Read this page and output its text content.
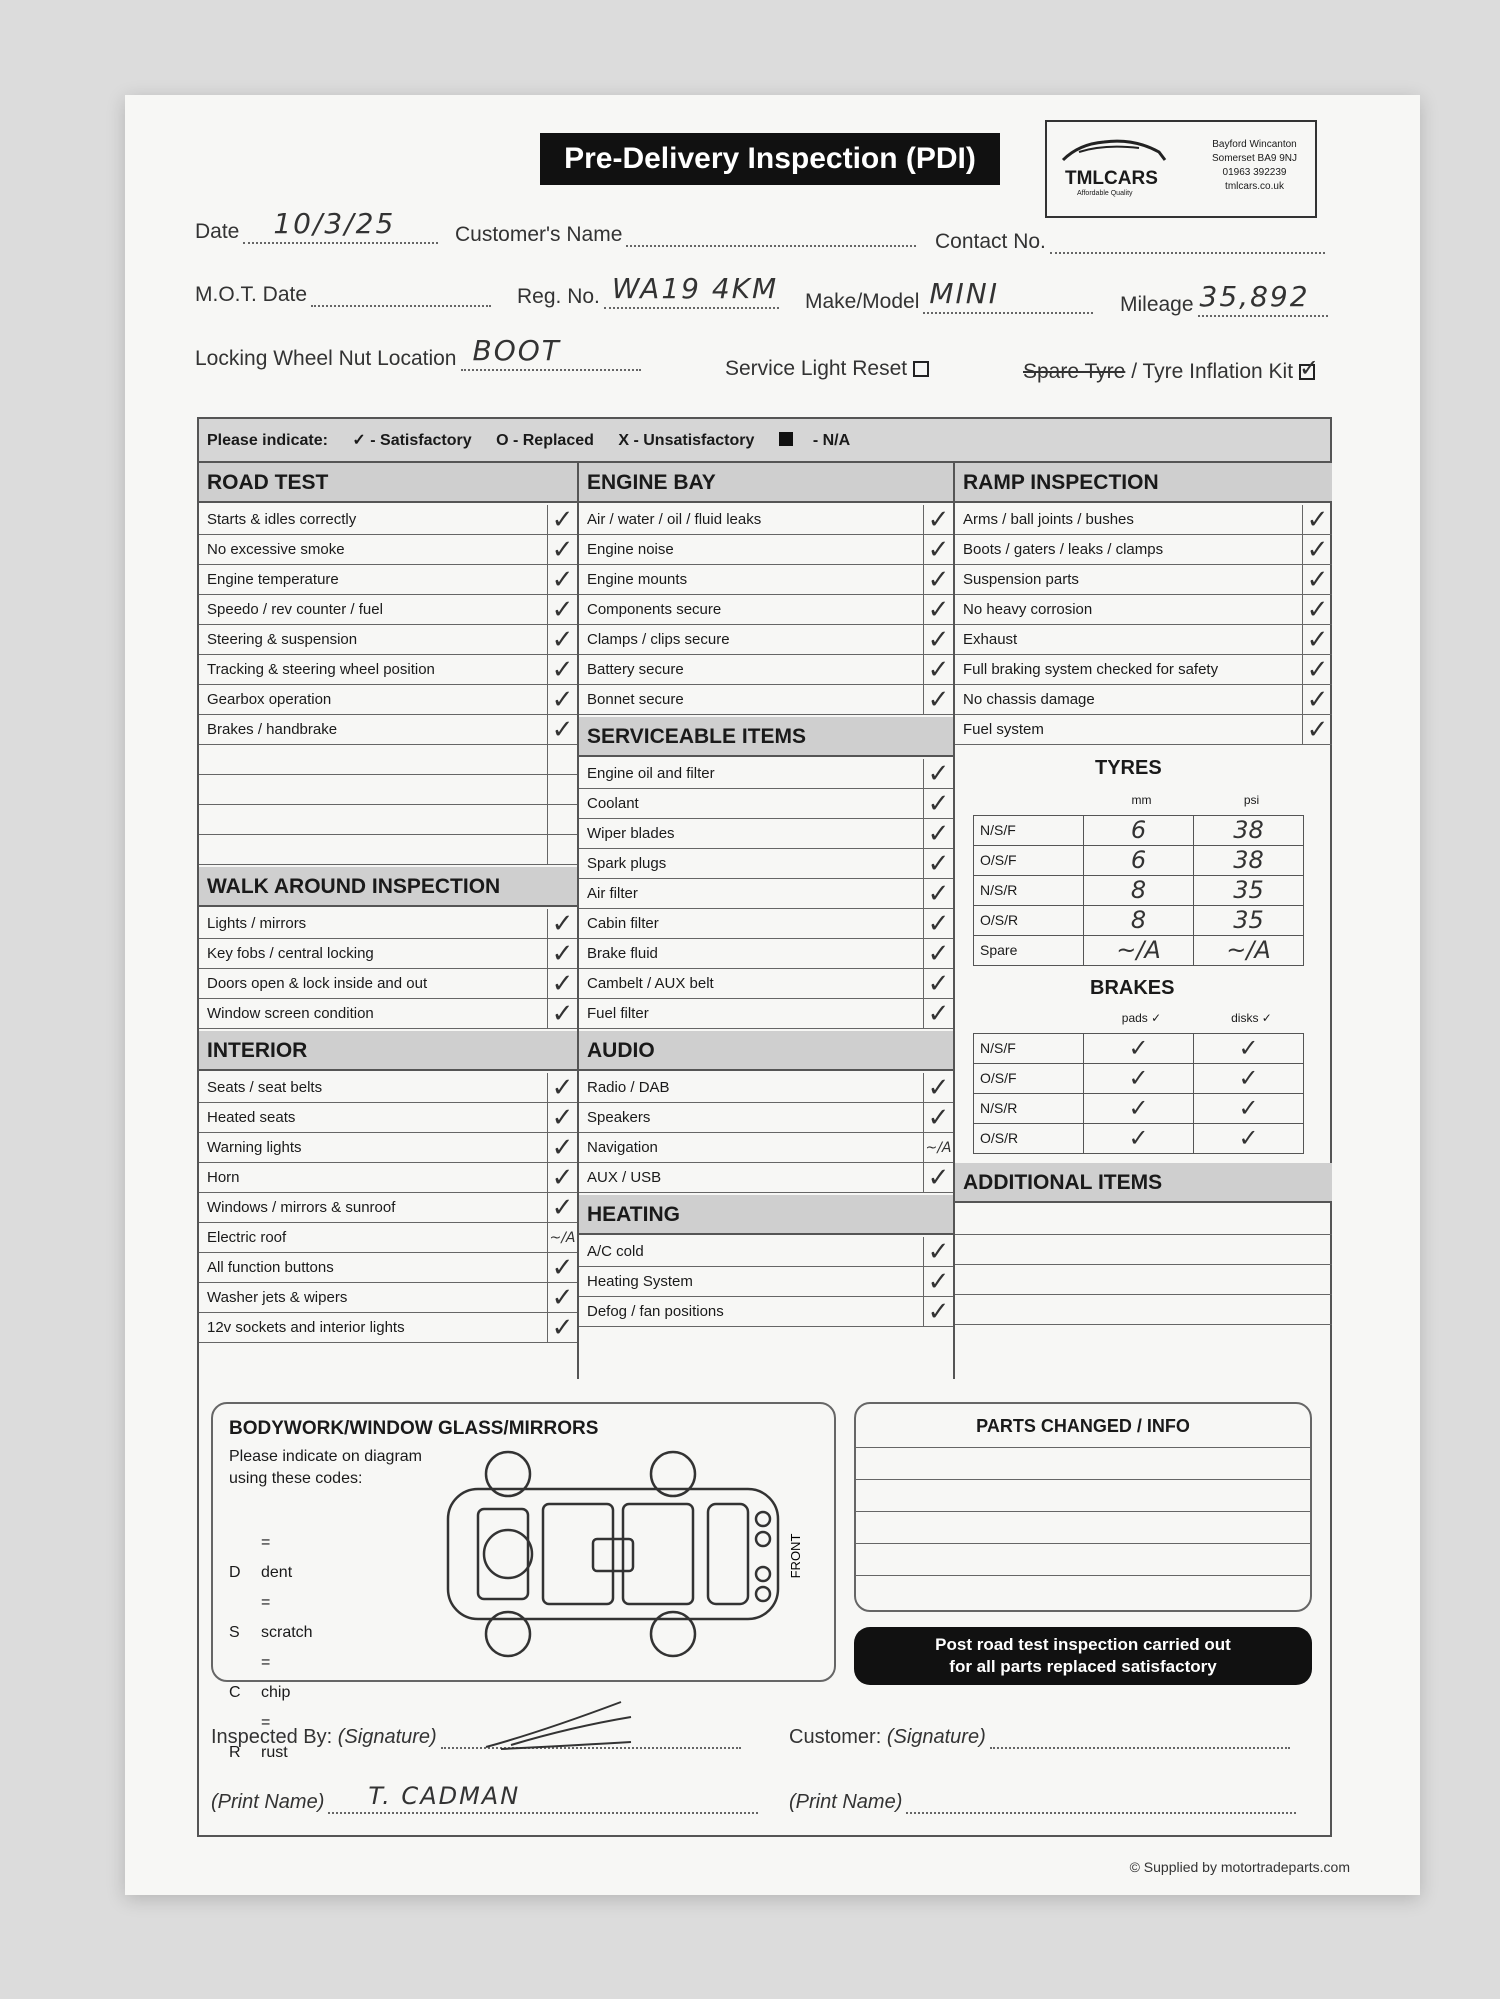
Pre-Delivery Inspection (PDI)
TMLCARS
Affordable Quality
Bayford Wincanton
Somerset BA9 9NJ
01963 392239
tmlcars.co.uk
Date 10/3/25	Customer's Name	Contact No.
M.O.T. Date	Reg. No. WA19 4KM Make/Model MINI	Mileage 35,892
Locking Wheel Nut Location BOOT
Service Light Reset	Spare Tyre / Tyre Inflation Kit ✓
Please indicate: ✓ - Satisfactory O - Replaced X - Unsatisfactory	- N/A
ROAD TEST
Starts & idles correctly	✓
No excessive smoke	✓
Engine temperature	✓
Speedo / rev counter / fuel	✓
Steering & suspension	✓
Tracking & steering wheel position	✓
Gearbox operation	✓
Brakes / handbrake	✓
WALK AROUND INSPECTION
Lights / mirrors	✓
Key fobs / central locking	✓
Doors open & lock inside and out	✓
Window screen condition	✓
INTERIOR
Seats / seat belts	✓
Heated seats	✓
Warning lights	✓
Horn	✓
Windows / mirrors & sunroof	✓
Electric roof	~/A
All function buttons	✓
Washer jets & wipers	✓
12v sockets and interior lights	✓
ENGINE BAY
Air / water / oil / fluid leaks	✓
Engine noise	✓
Engine mounts	✓
Components secure	✓
Clamps / clips secure	✓
Battery secure	✓
Bonnet secure	✓
SERVICEABLE ITEMS
Engine oil and filter	✓
Coolant	✓
Wiper blades	✓
Spark plugs	✓
Air filter	✓
Cabin filter	✓
Brake fluid	✓
Cambelt / AUX belt	✓
Fuel filter	✓
AUDIO
Radio / DAB	✓
Speakers	✓
Navigation	~/A
AUX / USB	✓
HEATING
A/C cold	✓
Heating System	✓
Defog / fan positions	✓
RAMP INSPECTION
Arms / ball joints / bushes	✓
Boots / gaters / leaks / clamps	✓
Suspension parts	✓
No heavy corrosion	✓
Exhaust	✓
Full braking system checked for safety	✓
No chassis damage	✓
Fuel system	✓
TYRES
	mm	psi
N/S/F	6	38
O/S/F	6	38
N/S/R	8	35
O/S/R	8	35
Spare	~/A	~/A
BRAKES
	pads ✓	disks ✓
N/S/F	✓	✓
O/S/F	✓	✓
N/S/R	✓	✓
O/S/R	✓	✓
ADDITIONAL ITEMS
BODYWORK/WINDOW GLASS/MIRRORS
Please indicate on diagram using these codes:
D= dent
S= scratch
C= chip
R= rust
FRONT
PARTS CHANGED / INFO
Post road test inspection carried out
for all parts replaced satisfactory
Inspected By: (Signature)	Customer: (Signature)
(Print Name) T. CADMAN	(Print Name)
© Supplied by motortradeparts.com
